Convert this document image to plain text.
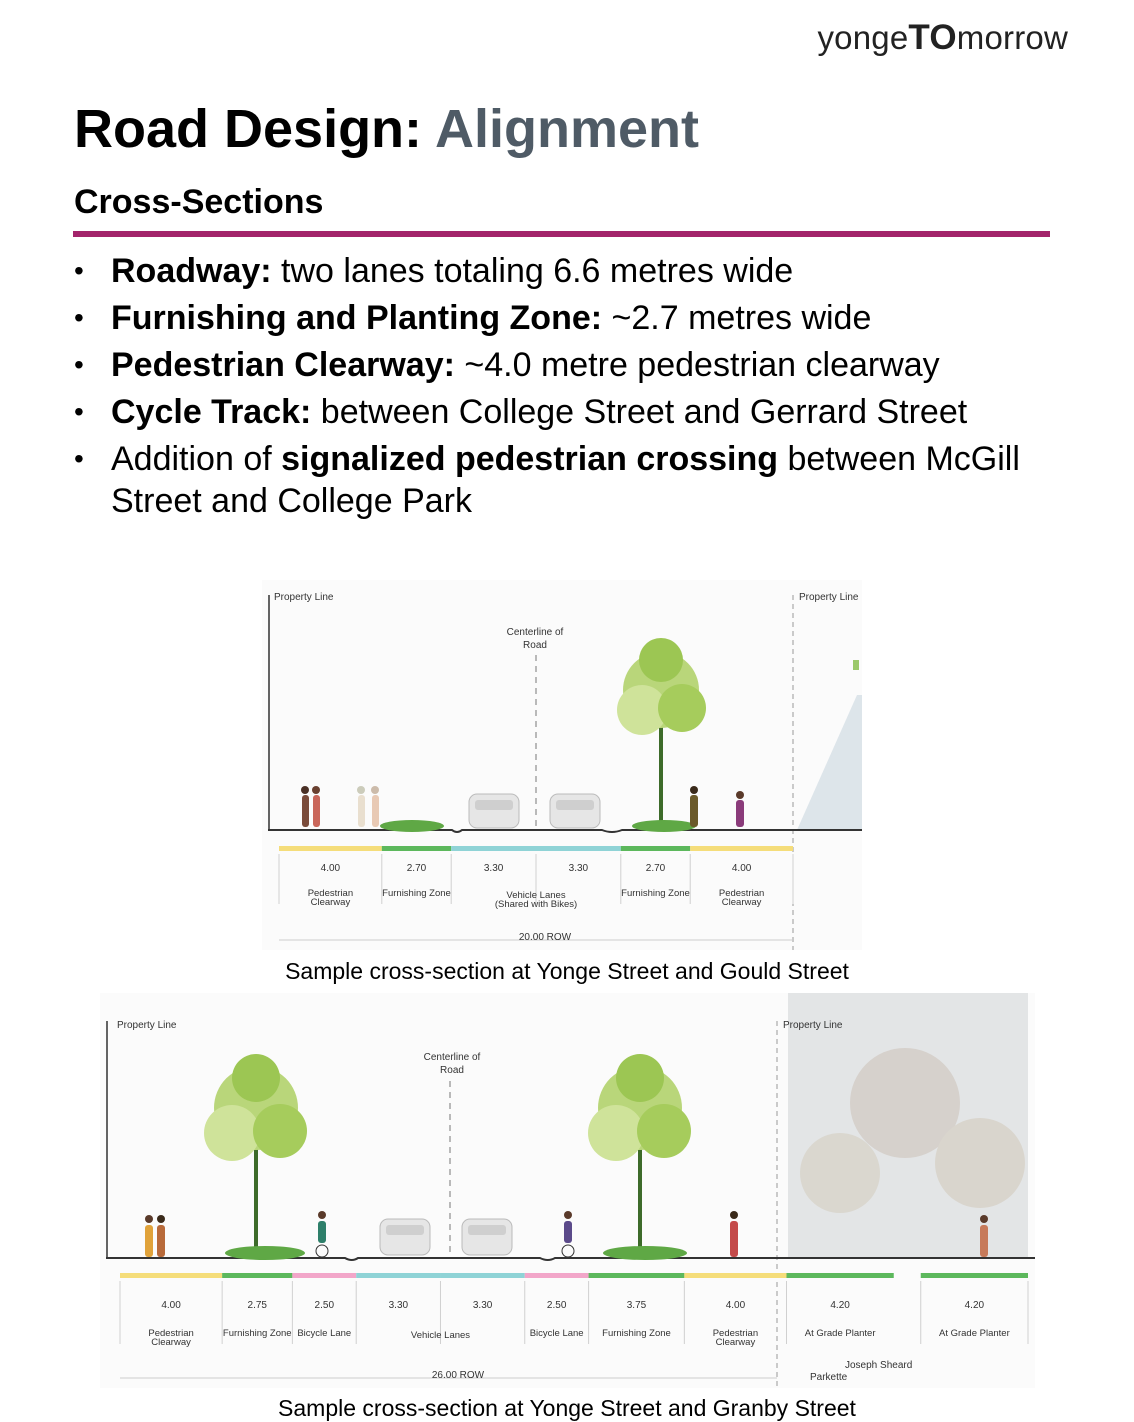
yongeTOmorrow
Road Design: Alignment
Cross-Sections
• Roadway: two lanes totaling 6.6 metres wide
• Furnishing and Planting Zone: ~2.7 metres wide
• Pedestrian Clearway: ~4.0 metre pedestrian clearway
• Cycle Track: between College Street and Gerrard Street
• Addition of signalized pedestrian crossing between McGill Street and College Park
Property Line	Property Line
Centerline of
Road
4.00
Pedestrian
Clearway
2.70
Furnishing Zone
3.30	3.30	2.70
Furnishing Zone
4.00
Pedestrian
Clearway
Vehicle Lanes
(Shared with Bikes)
20.00 ROW

Sample cross-section at Yonge Street and Gould Street

Property Line	Property Line
Centerline of
Road
4.00
Pedestrian
Clearway
2.75
Furnishing Zone
2.50
Bicycle Lane
3.30	3.30	2.50
Bicycle Lane
3.75
Furnishing Zone
4.00
Pedestrian
Clearway
4.20
At Grade Planter
4.20
At Grade Planter
Vehicle Lanes
Joseph Sheard
Parkette
26.00 ROW

Sample cross-section at Yonge Street and Granby Street
